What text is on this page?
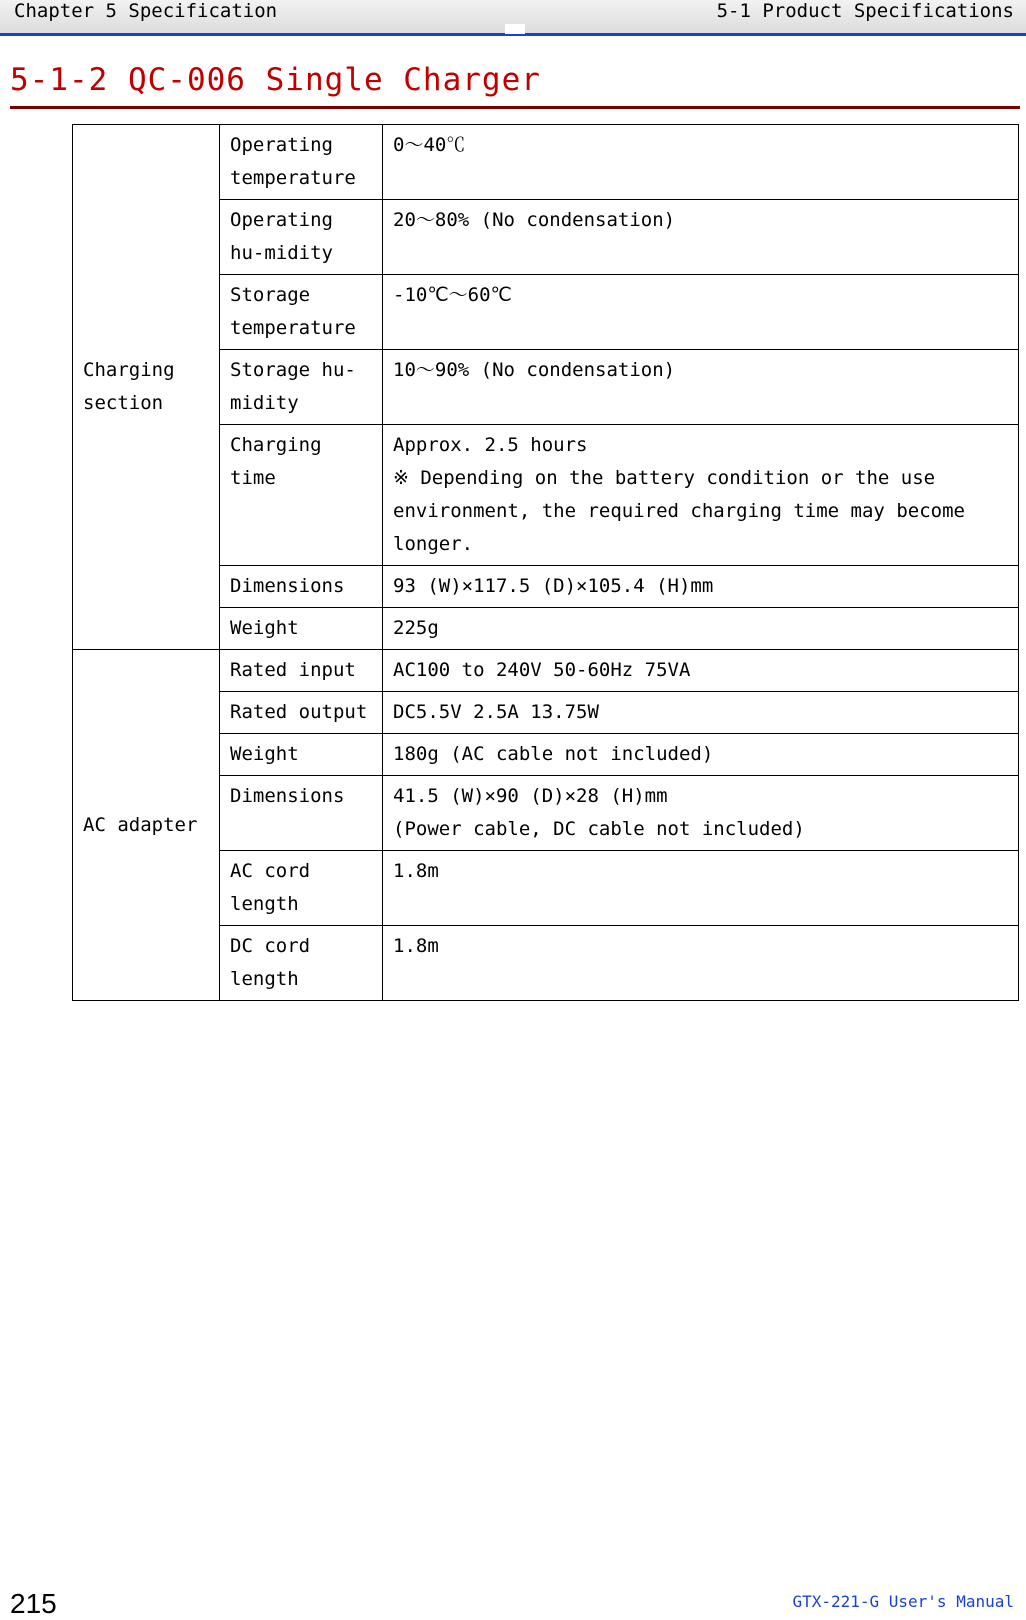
Chapter 5 Specification	5-1 Product Specifications
5-1-2 QC-006 Single Charger
Charging section	Operating temperature	0～40℃
	Operating hu-midity	20～80% (No condensation)
	Storage temperature	-10℃～60℃
	Storage hu-midity	10～90% (No condensation)
	Charging time	Approx. 2.5 hours
※ Depending on the battery condition or the use environment, the required charging time may become longer.

	Dimensions	93 (W)×117.5 (D)×105.4 (H)mm
	Weight	225g
AC adapter	Rated input	AC100 to 240V 50-60Hz 75VA
	Rated output	DC5.5V 2.5A 13.75W
	Weight	180g (AC cable not included)
	Dimensions	41.5 (W)×90 (D)×28 (H)mm
(Power cable, DC cable not included)

	AC cord length	1.8m
	DC cord length	1.8m
215	GTX-221-G User's Manual
